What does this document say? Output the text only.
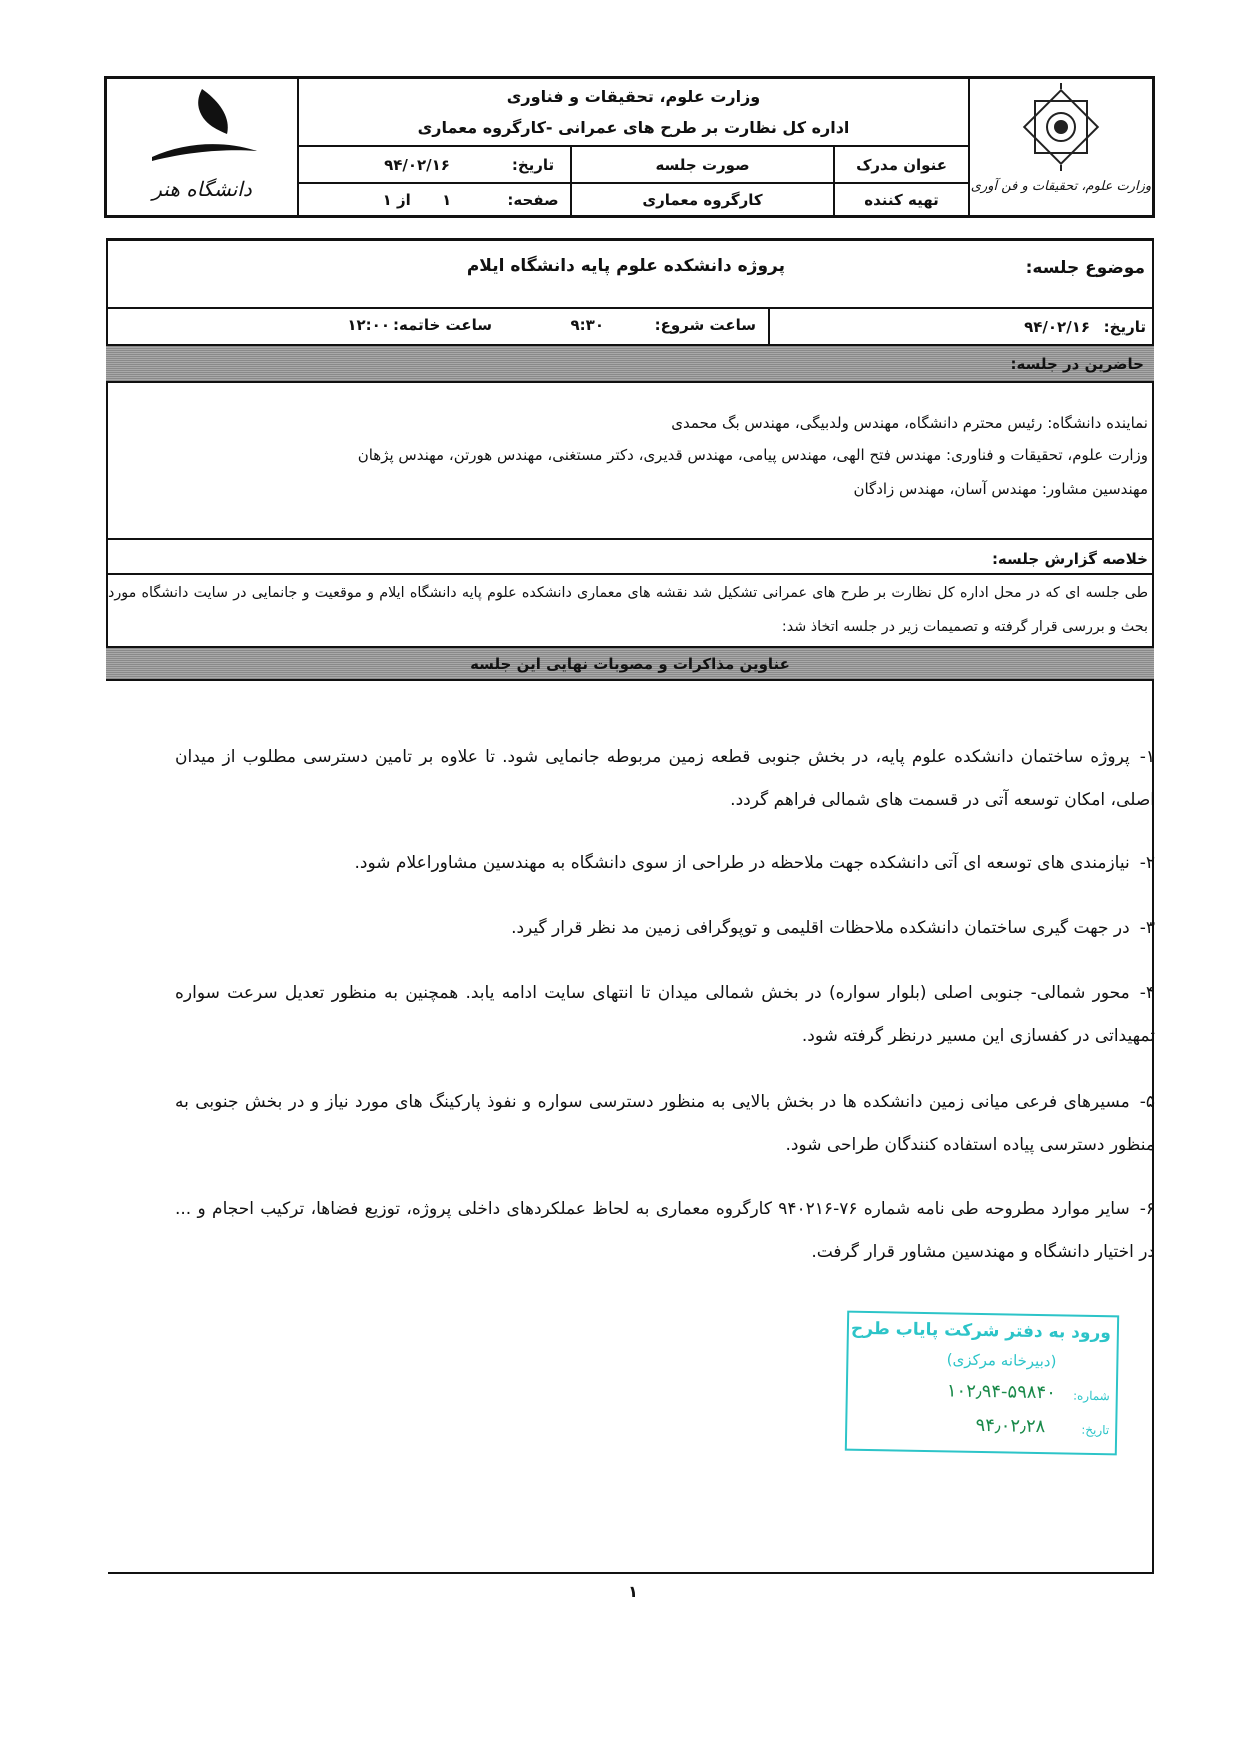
دانشگاه هنر	وزارت علوم، تحقیقات و فن آوری
وزارت علوم، تحقیقات و فناوری
اداره کل نظارت بر طرح های عمرانی -کارگروه معماری
عنوان مدرک
صورت جلسه
تهیه کننده
کارگروه معماری
تاریخ:
۹۴/۰۲/۱۶
صفحه:
۱      از ۱
موضوع جلسه:
پروژه دانشکده علوم پایه دانشگاه ایلام
تاریخ:
۹۴/۰۲/۱۶
ساعت شروع:
۹:۳۰
ساعت خاتمه:
۱۲:۰۰
حاضرین در جلسه:
نماینده دانشگاه: رئیس محترم دانشگاه، مهندس ولدبیگی، مهندس بگ محمدی
وزارت علوم، تحقیقات و فناوری: مهندس فتح الهی، مهندس پیامی، مهندس قدیری، دکتر مستغنی، مهندس هورتن، مهندس پژهان
مهندسین مشاور: مهندس آسان، مهندس زادگان
خلاصه گزارش جلسه:
طی جلسه ای که در محل اداره کل نظارت بر طرح های عمرانی تشکیل شد نقشه های معماری دانشکده علوم پایه دانشگاه ایلام و موقعیت و جانمایی در سایت دانشگاه مورد بحث و بررسی قرار گرفته و تصمیمات زیر در جلسه اتخاذ شد:
عناوین مذاکرات و مصوبات نهایی این جلسه
۱-پروژه ساختمان دانشکده علوم پایه، در بخش جنوبی قطعه زمین مربوطه جانمایی شود. تا علاوه بر تامین دسترسی مطلوب از میدان اصلی، امکان توسعه آتی در قسمت های شمالی فراهم گردد.
۲-نیازمندی های توسعه ای آتی دانشکده جهت ملاحظه در طراحی از سوی دانشگاه به مهندسین مشاوراعلام شود.
۳-در جهت گیری ساختمان دانشکده ملاحظات اقلیمی و توپوگرافی زمین مد نظر قرار گیرد.
۴-محور شمالی- جنوبی اصلی (بلوار سواره) در بخش شمالی میدان تا انتهای سایت ادامه یابد. همچنین به منظور تعدیل سرعت سواره تمهیداتی در کفسازی این مسیر درنظر گرفته شود.
۵-مسیرهای فرعی میانی زمین دانشکده ها در بخش بالایی به منظور دسترسی سواره و نفوذ پارکینگ های مورد نیاز و در بخش جنوبی به منظور دسترسی پیاده استفاده کنندگان طراحی شود.
۶-سایر موارد مطروحه طی نامه شماره ۷۶-۹۴۰۲۱۶ کارگروه معماری به لحاظ عملکردهای داخلی پروژه، توزیع فضاها، ترکیب احجام و ... در اختیار دانشگاه و مهندسین مشاور قرار گرفت.
ورود به دفتر شرکت پایاب طرح
(دبیرخانه مرکزی)
شماره:
۱۰۲٫۹۴-۵۹۸۴۰
تاریخ:
۹۴٫۰۲٫۲۸
۱
